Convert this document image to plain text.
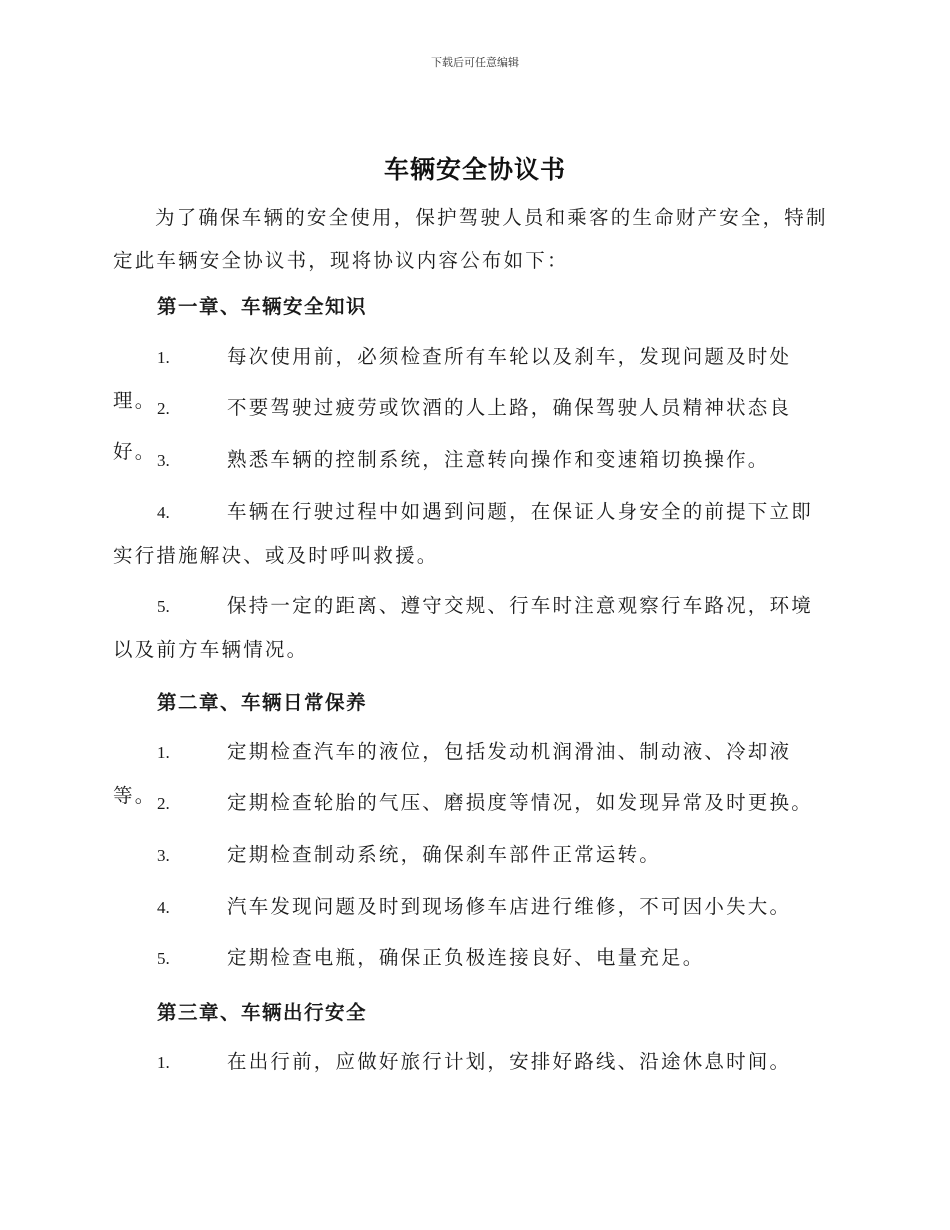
下载后可任意编辑
车辆安全协议书
为了确保车辆的安全使用，保护驾驶人员和乘客的生命财产安全，特制定此车辆安全协议书，现将协议内容公布如下：
第一章、车辆安全知识
1.	每次使用前，必须检查所有车轮以及刹车，发现问题及时处理。 2.	不要驾驶过疲劳或饮酒的人上路，确保驾驶人员精神状态良好。 3.	熟悉车辆的控制系统，注意转向操作和变速箱切换操作。
4.	车辆在行驶过程中如遇到问题，在保证人身安全的前提下立即实行措施解决、或及时呼叫救援。
5.	保持一定的距离、遵守交规、行车时注意观察行车路况，环境以及前方车辆情况。
第二章、车辆日常保养
1.	定期检查汽车的液位，包括发动机润滑油、制动液、冷却液等。 2.	定期检查轮胎的气压、磨损度等情况，如发现异常及时更换。
3.	定期检查制动系统，确保刹车部件正常运转。
4.	汽车发现问题及时到现场修车店进行维修，不可因小失大。
5.	定期检查电瓶，确保正负极连接良好、电量充足。
第三章、车辆出行安全
1.	在出行前，应做好旅行计划，安排好路线、沿途休息时间。
